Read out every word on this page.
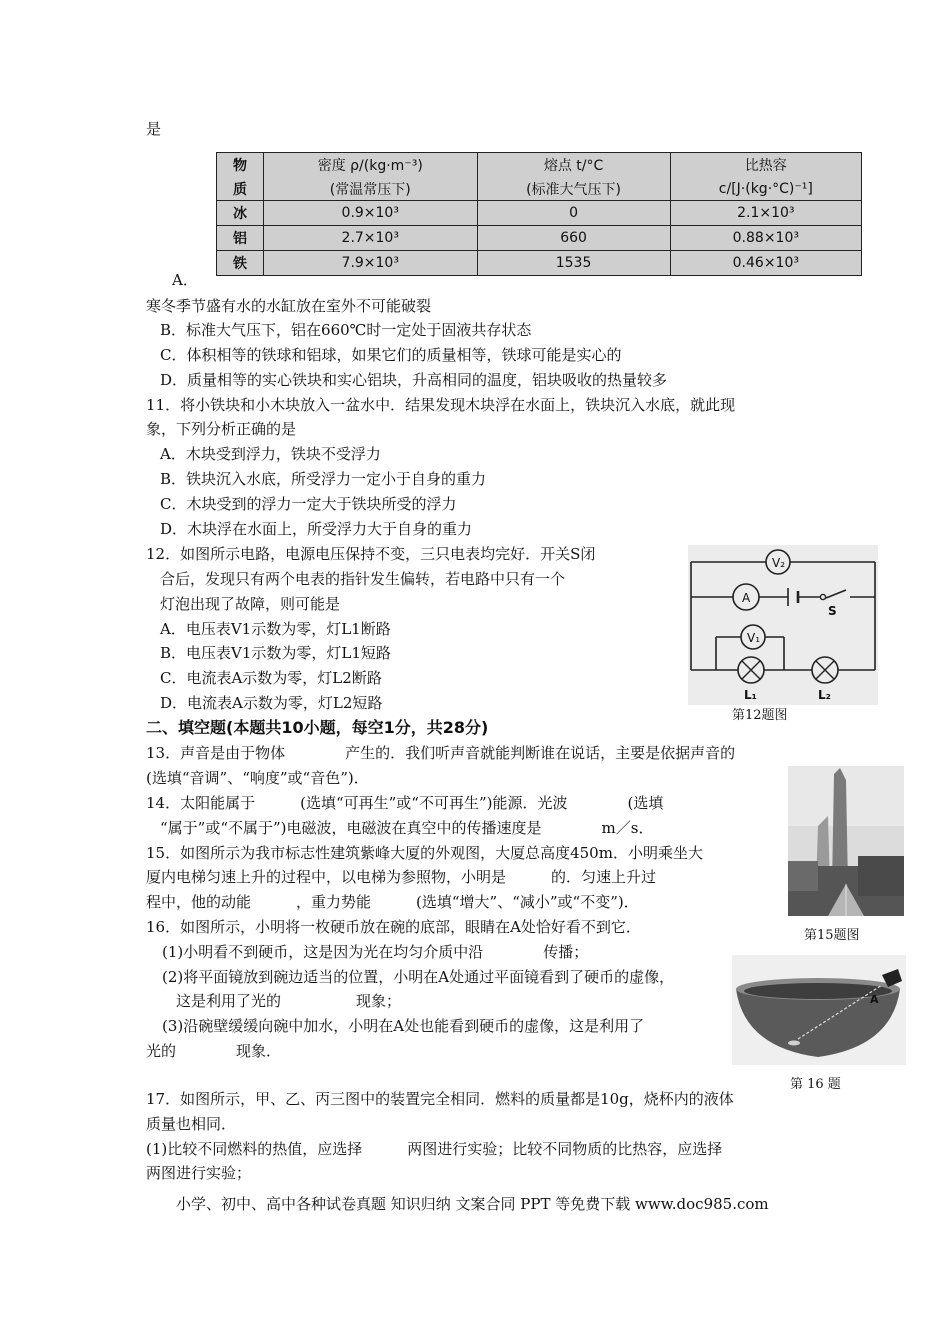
是
物	密度 ρ/(kg·m⁻³)	熔点 t/°C	比热容
质	(常温常压下)	(标准大气压下)	c/[J·(kg·°C)⁻¹]
冰	0.9×10³	0	2.1×10³
铝	2.7×10³	660	0.88×10³
铁	7.9×10³	1535	0.46×10³
A．
寒冬季节盛有水的水缸放在室外不可能破裂
B．标准大气压下，铝在660℃时一定处于固液共存状态
C．体积相等的铁球和铝球，如果它们的质量相等，铁球可能是实心的
D．质量相等的实心铁块和实心铝块，升高相同的温度，铝块吸收的热量较多
11．将小铁块和小木块放入一盆水中．结果发现木块浮在水面上，铁块沉入水底，就此现
象，下列分析正确的是
A．木块受到浮力，铁块不受浮力
B．铁块沉入水底，所受浮力一定小于自身的重力
C．木块受到的浮力一定大于铁块所受的浮力
D．木块浮在水面上，所受浮力大于自身的重力
12．如图所示电路，电源电压保持不变，三只电表均完好．开关S闭
合后，发现只有两个电表的指针发生偏转，若电路中只有一个
灯泡出现了故障，则可能是
A．电压表V1示数为零，灯L1断路
B．电压表V1示数为零，灯L1短路
C．电流表A示数为零，灯L2断路
D．电流表A示数为零，灯L2短路
V₂
A
S
V₁
L₁	L₂
第12题图
二、填空题(本题共10小题，每空1分，共28分)
13．声音是由于物体　　　　产生的．我们听声音就能判断谁在说话，主要是依据声音的
(选填“音调”、“响度”或“音色”)．
14．太阳能属于　　　(选填“可再生”或“不可再生”)能源．光波　　　　(选填
“属于”或“不属于”)电磁波，电磁波在真空中的传播速度是　　　　m／s．
第15题图
15．如图所示为我市标志性建筑紫峰大厦的外观图，大厦总高度450m．小明乘坐大
厦内电梯匀速上升的过程中，以电梯为参照物，小明是　　　的．匀速上升过
程中，他的动能　　　，重力势能　　　(选填“增大”、“减小”或“不变”)．
16．如图所示，小明将一枚硬币放在碗的底部，眼睛在A处恰好看不到它．
(1)小明看不到硬币，这是因为光在均匀介质中沿　　　　传播；
(2)将平面镜放到碗边适当的位置，小明在A处通过平面镜看到了硬币的虚像，
这是利用了光的　　　　　现象；
(3)沿碗壁缓缓向碗中加水，小明在A处也能看到硬币的虚像，这是利用了
光的　　　　现象．
A
第 16 题
17．如图所示，甲、乙、丙三图中的装置完全相同．燃料的质量都是10g，烧杯内的液体
质量也相同．
(1)比较不同燃料的热值，应选择　　　两图进行实验；比较不同物质的比热容，应选择
两图进行实验；
小学、初中、高中各种试卷真题 知识归纳 文案合同 PPT 等免费下载 www.doc985.com
